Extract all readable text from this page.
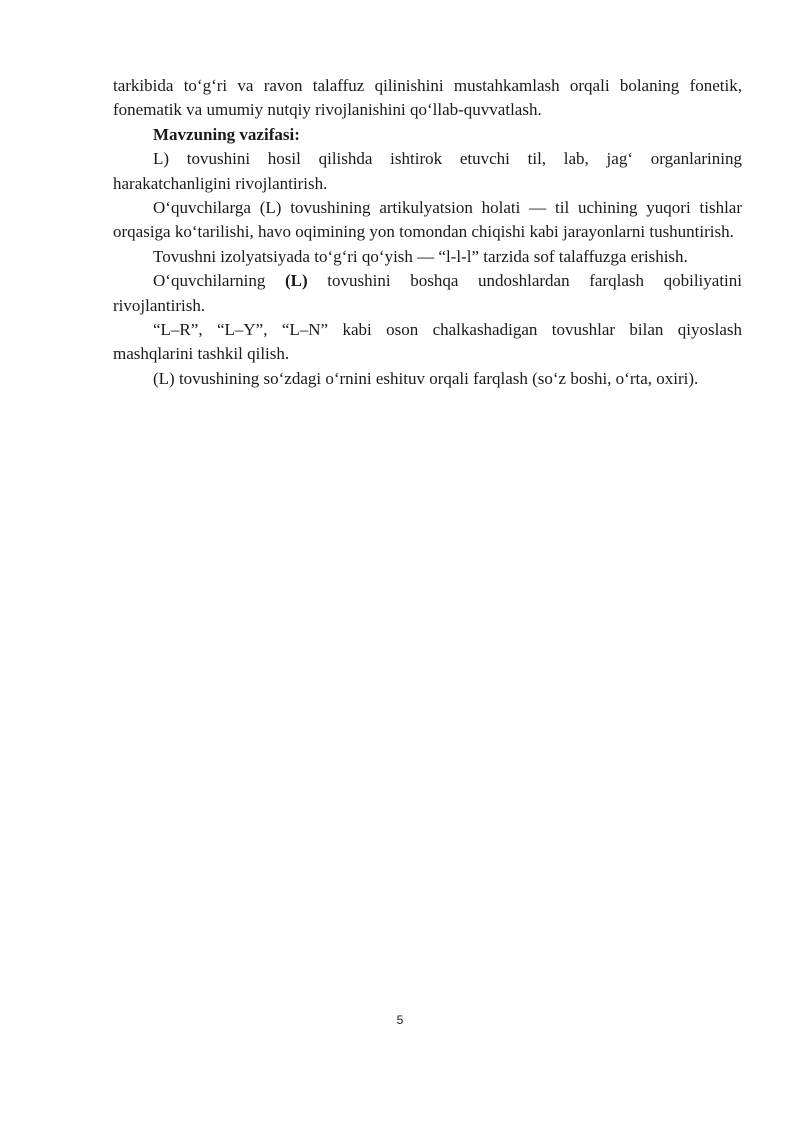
tarkibida to‘g‘ri va ravon talaffuz qilinishini mustahkamlash orqali bolaning fonetik, fonematik va umumiy nutqiy rivojlanishini qo‘llab-quvvatlash.

Mavzuning vazifasi:

L) tovushini hosil qilishda ishtirok etuvchi til, lab, jag‘ organlarining harakatchanligini rivojlantirish.

O‘quvchilarga (L) tovushining artikulyatsion holati — til uchining yuqori tishlar orqasiga ko‘tarilishi, havo oqimining yon tomondan chiqishi kabi jarayonlarni tushuntirish.

Tovushni izolyatsiyada to‘g‘ri qo‘yish — “l-l-l” tarzida sof talaffuzga erishish.

O‘quvchilarning (L) tovushini boshqa undoshlardan farqlash qobiliyatini rivojlantirish.

“L–R”, “L–Y”, “L–N” kabi oson chalkashadigan tovushlar bilan qiyoslash mashqlarini tashkil qilish.

(L) tovushining so‘zdagi o‘rnini eshituv orqali farqlash (so‘z boshi, o‘rta, oxiri).

5
